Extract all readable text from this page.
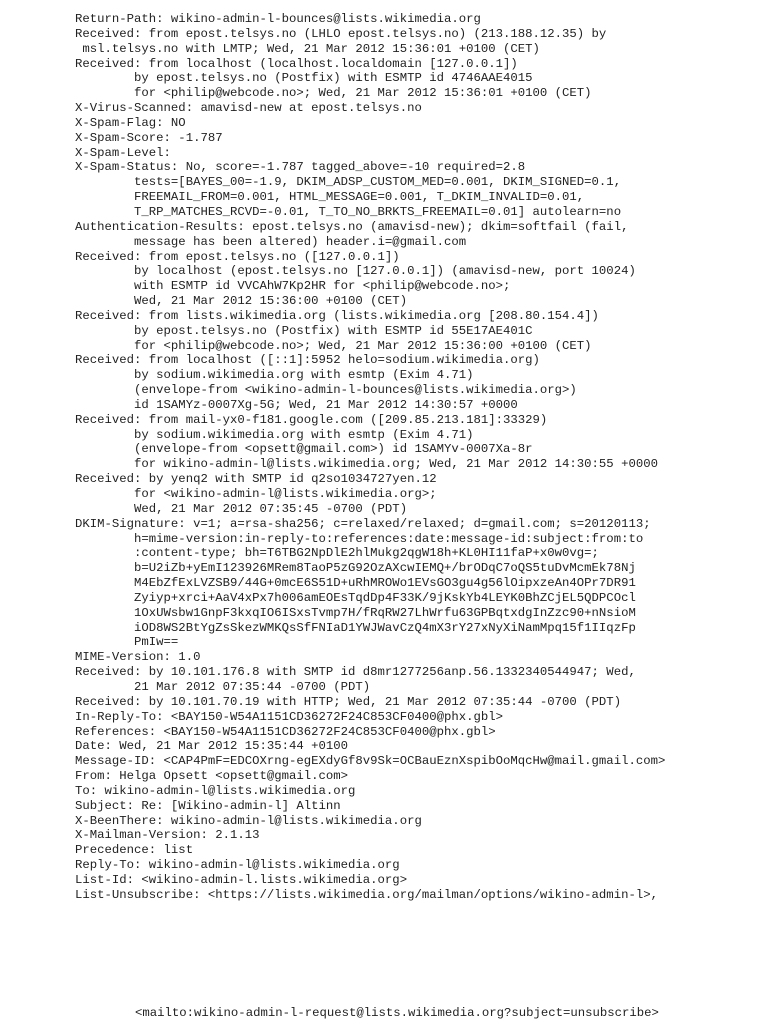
Return-Path: wikino-admin-l-bounces@lists.wikimedia.org
Received: from epost.telsys.no (LHLO epost.telsys.no) (213.188.12.35) by
msl.telsys.no with LMTP; Wed, 21 Mar 2012 15:36:01 +0100 (CET)
Received: from localhost (localhost.localdomain [127.0.0.1])
by epost.telsys.no (Postfix) with ESMTP id 4746AAE4015
for <philip@webcode.no>; Wed, 21 Mar 2012 15:36:01 +0100 (CET)
X-Virus-Scanned: amavisd-new at epost.telsys.no
X-Spam-Flag: NO
X-Spam-Score: -1.787
X-Spam-Level:
X-Spam-Status: No, score=-1.787 tagged_above=-10 required=2.8
tests=[BAYES_00=-1.9, DKIM_ADSP_CUSTOM_MED=0.001, DKIM_SIGNED=0.1,
FREEMAIL_FROM=0.001, HTML_MESSAGE=0.001, T_DKIM_INVALID=0.01,
T_RP_MATCHES_RCVD=-0.01, T_TO_NO_BRKTS_FREEMAIL=0.01] autolearn=no
Authentication-Results: epost.telsys.no (amavisd-new); dkim=softfail (fail,
message has been altered) header.i=@gmail.com
Received: from epost.telsys.no ([127.0.0.1])
by localhost (epost.telsys.no [127.0.0.1]) (amavisd-new, port 10024)
with ESMTP id VVCAhW7Kp2HR for <philip@webcode.no>;
Wed, 21 Mar 2012 15:36:00 +0100 (CET)
Received: from lists.wikimedia.org (lists.wikimedia.org [208.80.154.4])
by epost.telsys.no (Postfix) with ESMTP id 55E17AE401C
for <philip@webcode.no>; Wed, 21 Mar 2012 15:36:00 +0100 (CET)
Received: from localhost ([::1]:5952 helo=sodium.wikimedia.org)
by sodium.wikimedia.org with esmtp (Exim 4.71)
(envelope-from <wikino-admin-l-bounces@lists.wikimedia.org>)
id 1SAMYz-0007Xg-5G; Wed, 21 Mar 2012 14:30:57 +0000
Received: from mail-yx0-f181.google.com ([209.85.213.181]:33329)
by sodium.wikimedia.org with esmtp (Exim 4.71)
(envelope-from <opsett@gmail.com>) id 1SAMYv-0007Xa-8r
for wikino-admin-l@lists.wikimedia.org; Wed, 21 Mar 2012 14:30:55 +0000
Received: by yenq2 with SMTP id q2so1034727yen.12
for <wikino-admin-l@lists.wikimedia.org>;
Wed, 21 Mar 2012 07:35:45 -0700 (PDT)
DKIM-Signature: v=1; a=rsa-sha256; c=relaxed/relaxed; d=gmail.com; s=20120113;
h=mime-version:in-reply-to:references:date:message-id:subject:from:to
:content-type; bh=T6TBG2NpDlE2hlMukg2qgW18h+KL0HI11faP+x0w0vg=;
b=U2iZb+yEmI123926MRem8TaoP5zG92OzAXcwIEMQ+/brODqC7oQS5tuDvMcmEk78Nj
M4EbZfExLVZSB9/44G+0mcE6S51D+uRhMROWo1EVsGO3gu4g56lOipxzeAn4OPr7DR91
Zyiyp+xrci+AaV4xPx7h006amEOEsTqdDp4F33K/9jKskYb4LEYK0BhZCjEL5QDPCOcl
1OxUWsbw1GnpF3kxqIO6ISxsTvmp7H/fRqRW27LhWrfu63GPBqtxdgInZzc90+nNsioM
iOD8WS2BtYgZsSkezWMKQsSfFNIaD1YWJWavCzQ4mX3rY27xNyXiNamMpq15f1IIqzFp
PmIw==
MIME-Version: 1.0
Received: by 10.101.176.8 with SMTP id d8mr1277256anp.56.1332340544947; Wed,
21 Mar 2012 07:35:44 -0700 (PDT)
Received: by 10.101.70.19 with HTTP; Wed, 21 Mar 2012 07:35:44 -0700 (PDT)
In-Reply-To: <BAY150-W54A1151CD36272F24C853CF0400@phx.gbl>
References: <BAY150-W54A1151CD36272F24C853CF0400@phx.gbl>
Date: Wed, 21 Mar 2012 15:35:44 +0100
Message-ID: <CAP4PmF=EDCOXrng-egEXdyGf8v9Sk=OCBauEznXspibOoMqcHw@mail.gmail.com>
From: Helga Opsett <opsett@gmail.com>
To: wikino-admin-l@lists.wikimedia.org
Subject: Re: [Wikino-admin-l] Altinn
X-BeenThere: wikino-admin-l@lists.wikimedia.org
X-Mailman-Version: 2.1.13
Precedence: list
Reply-To: wikino-admin-l@lists.wikimedia.org
List-Id: <wikino-admin-l.lists.wikimedia.org>
List-Unsubscribe: <https://lists.wikimedia.org/mailman/options/wikino-admin-l>,
<mailto:wikino-admin-l-request@lists.wikimedia.org?subject=unsubscribe>
